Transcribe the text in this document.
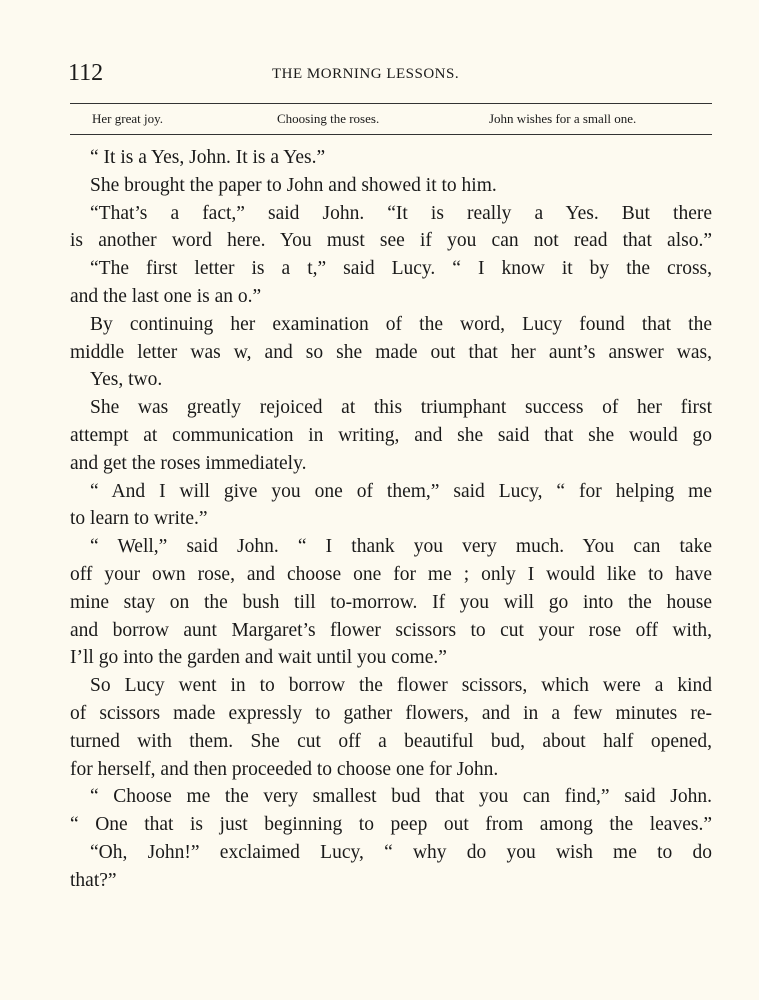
112	THE MORNING LESSONS.
Her great joy.	Choosing the roses.	John wishes for a small one.
“ It is a Yes, John. It is a Yes.”
She brought the paper to John and showed it to him.
“That’s a fact,” said John. “It is really a Yes. But there
is another word here. You must see if you can not read that also.”
“The first letter is a t,” said Lucy. “ I know it by the cross,
and the last one is an o.”
By continuing her examination of the word, Lucy found that the
middle letter was w, and so she made out that her aunt’s answer was,
Yes, two.
She was greatly rejoiced at this triumphant success of her first
attempt at communication in writing, and she said that she would go
and get the roses immediately.
“ And I will give you one of them,” said Lucy, “ for helping me
to learn to write.”
“ Well,” said John. “ I thank you very much. You can take
off your own rose, and choose one for me ; only I would like to have
mine stay on the bush till to-morrow. If you will go into the house
and borrow aunt Margaret’s flower scissors to cut your rose off with,
I’ll go into the garden and wait until you come.”
So Lucy went in to borrow the flower scissors, which were a kind
of scissors made expressly to gather flowers, and in a few minutes re-
turned with them. She cut off a beautiful bud, about half opened,
for herself, and then proceeded to choose one for John.
“ Choose me the very smallest bud that you can find,” said John.
“ One that is just beginning to peep out from among the leaves.”
“Oh, John!” exclaimed Lucy, “ why do you wish me to do
that?”
